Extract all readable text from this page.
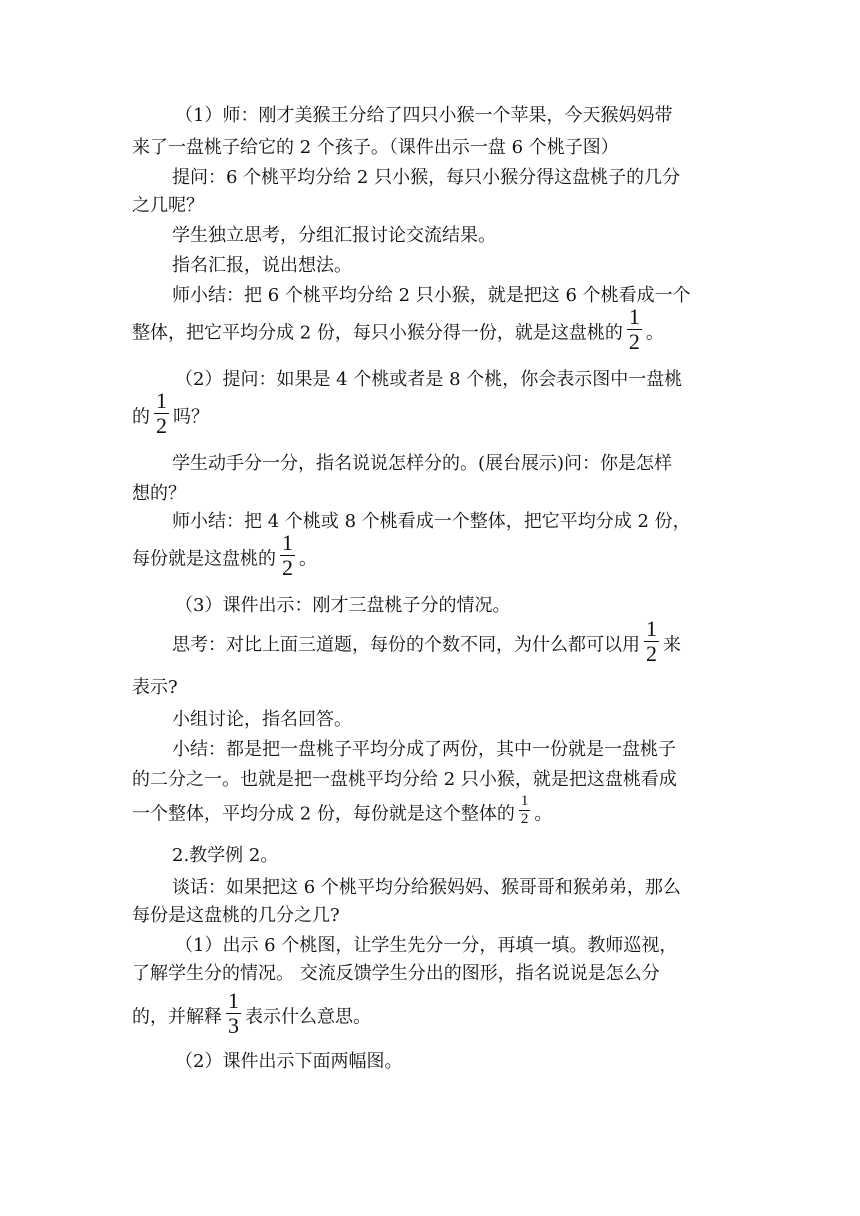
（1）师：刚才美猴王分给了四只小猴一个苹果，今天猴妈妈带
来了一盘桃子给它的 2 个孩子。（课件出示一盘 6 个桃子图）
提问：6 个桃平均分给 2 只小猴，每只小猴分得这盘桃子的几分
之几呢？
学生独立思考，分组汇报讨论交流结果。
指名汇报，说出想法。
师小结：把 6 个桃平均分给 2 只小猴，就是把这 6 个桃看成一个
整体，把它平均分成 2 份，每只小猴分得一份，就是这盘桃的 $\frac{1}{2}$ 。
（2）提问：如果是 4 个桃或者是 8 个桃，你会表示图中一盘桃
的 $\frac{1}{2}$ 吗？
学生动手分一分，指名说说怎样分的。(展台展示)问：你是怎样
想的？
师小结：把 4 个桃或 8 个桃看成一个整体，把它平均分成 2 份，
每份就是这盘桃的 $\frac{1}{2}$ 。
（3）课件出示：刚才三盘桃子分的情况。
思考：对比上面三道题，每份的个数不同，为什么都可以用 $\frac{1}{2}$ 来
表示?
小组讨论，指名回答。
小结：都是把一盘桃子平均分成了两份，其中一份就是一盘桃子
的二分之一。也就是把一盘桃平均分给 2 只小猴，就是把这盘桃看成
一个整体，平均分成 2 份，每份就是这个整体的 $\frac{1}{2}$ 。
2.教学例 2。
谈话：如果把这 6 个桃平均分给猴妈妈、猴哥哥和猴弟弟，那么
每份是这盘桃的几分之几?
（1）出示 6 个桃图，让学生先分一分，再填一填。教师巡视，
了解学生分的情况。 交流反馈学生分出的图形，指名说说是怎么分
的，并解释 $\frac{1}{3}$ 表示什么意思。
（2）课件出示下面两幅图。
